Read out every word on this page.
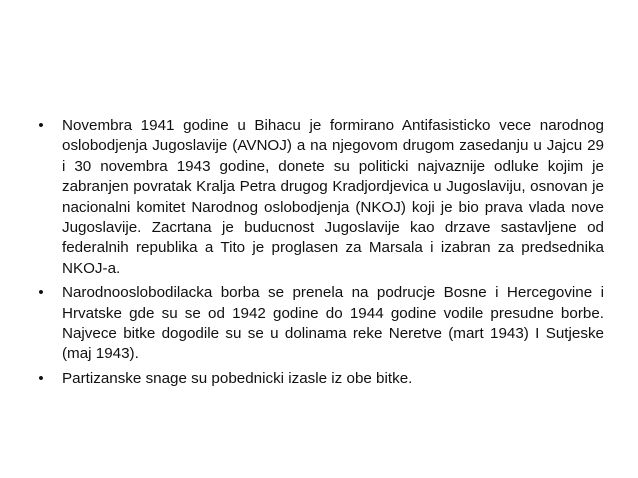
• Novembra 1941 godine u Bihacu je formirano Antifasisticko vece narodnog oslobodjenja Jugoslavije (AVNOJ) a na njegovom drugom zasedanju u Jajcu 29 i 30 novembra 1943 godine, donete su politicki najvaznije odluke kojim je zabranjen povratak Kralja Petra drugog Kradjordjevica u Jugoslaviju, osnovan je nacionalni komitet Narodnog oslobodjenja (NKOJ) koji je bio prava vlada nove Jugoslavije. Zacrtana je buducnost Jugoslavije kao drzave sastavljene od federalnih republika a Tito je proglasen za Marsala i izabran za predsednika NKOJ-a.
• Narodnooslobodilacka borba se prenela na podrucje Bosne i Hercegovine i Hrvatske gde su se od 1942 godine do 1944 godine vodile presudne borbe. Najvece bitke dogodile su se u dolinama reke Neretve (mart 1943) I Sutjeske (maj 1943).
• Partizanske snage su pobednicki izasle iz obe bitke.
